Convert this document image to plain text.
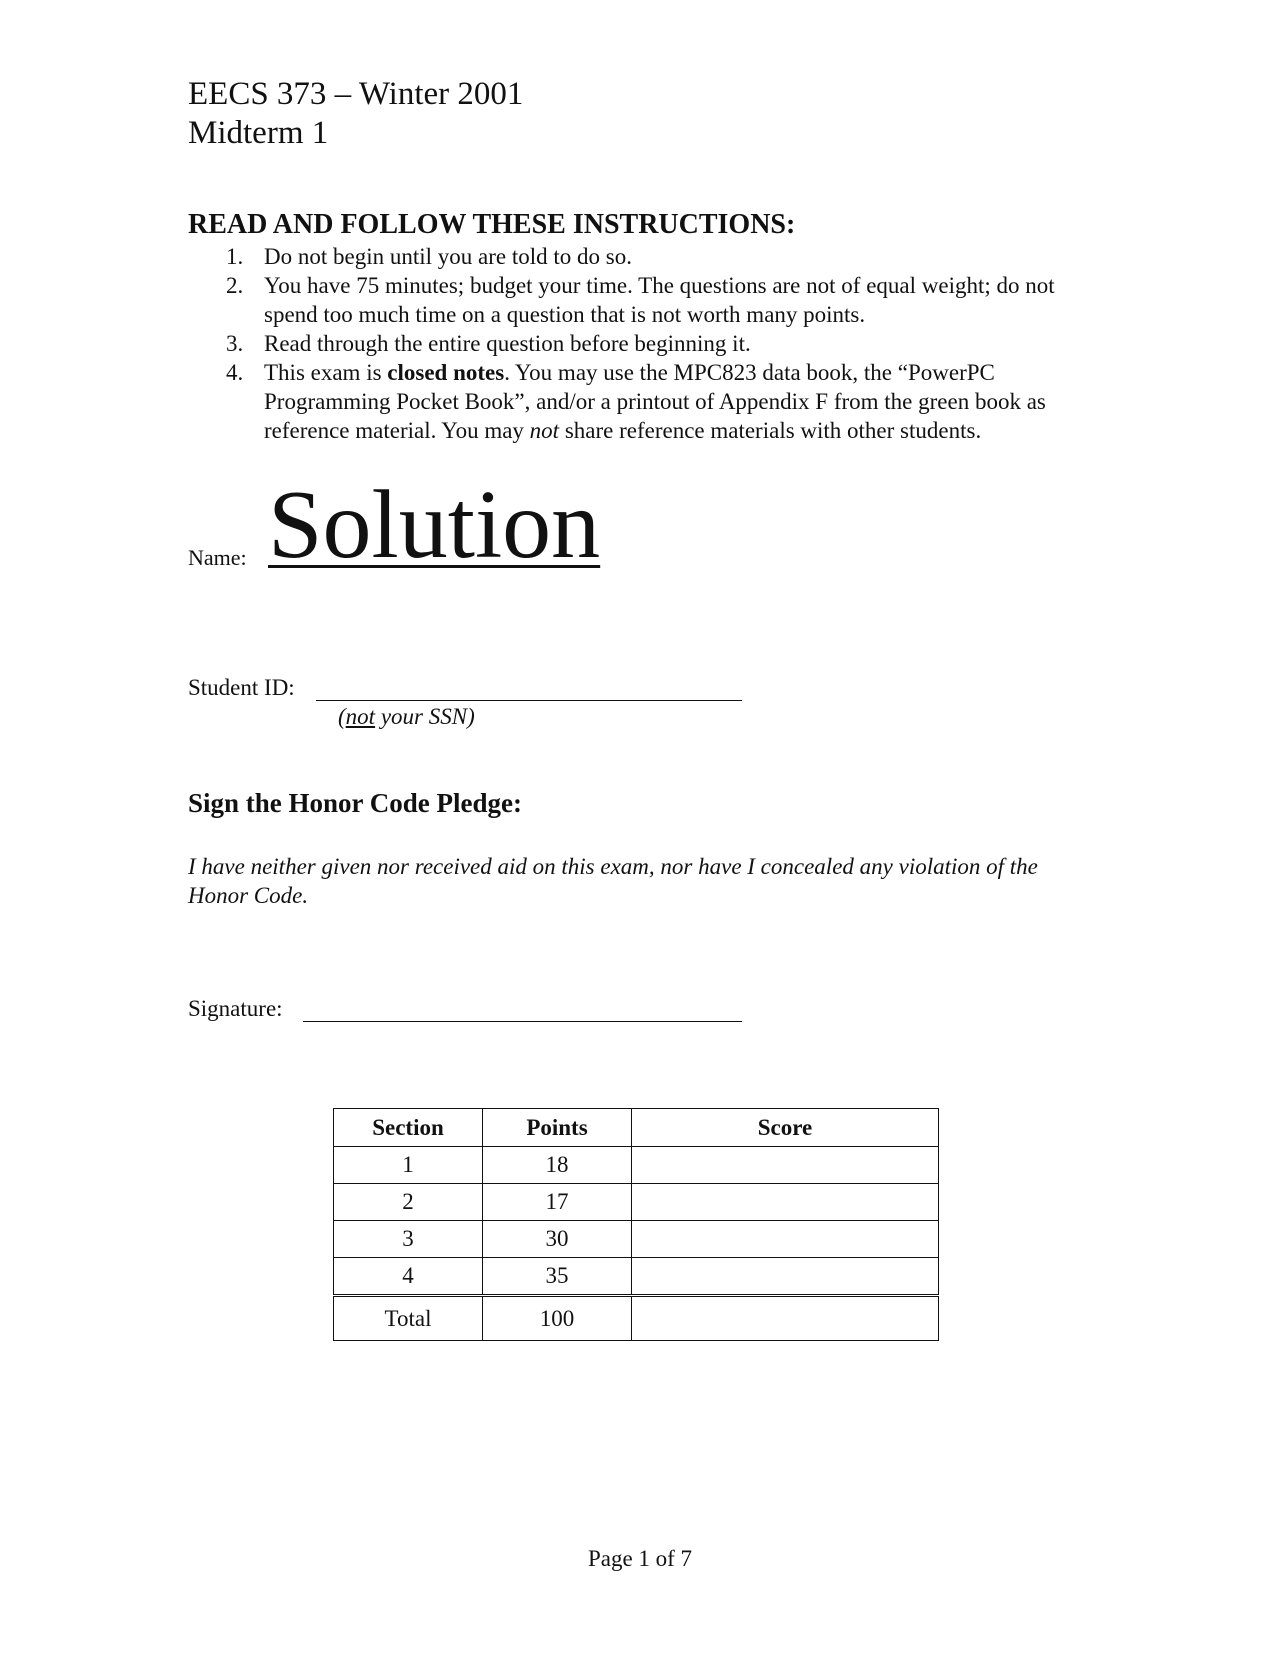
EECS 373 – Winter 2001
Midterm 1
READ AND FOLLOW THESE INSTRUCTIONS:
1. Do not begin until you are told to do so.
2. You have 75 minutes; budget your time. The questions are not of equal weight; do not spend too much time on a question that is not worth many points.
3. Read through the entire question before beginning it.
4. This exam is closed notes. You may use the MPC823 data book, the “PowerPC Programming Pocket Book”, and/or a printout of Appendix F from the green book as reference material. You may not share reference materials with other students.
Name: Solution
Student ID:
(not your SSN)
Sign the Honor Code Pledge:
I have neither given nor received aid on this exam, nor have I concealed any violation of the Honor Code.
Signature:
Section	Points	Score
1	18	
2	17	
3	30	
4	35	
Total	100	
Page 1 of 7
